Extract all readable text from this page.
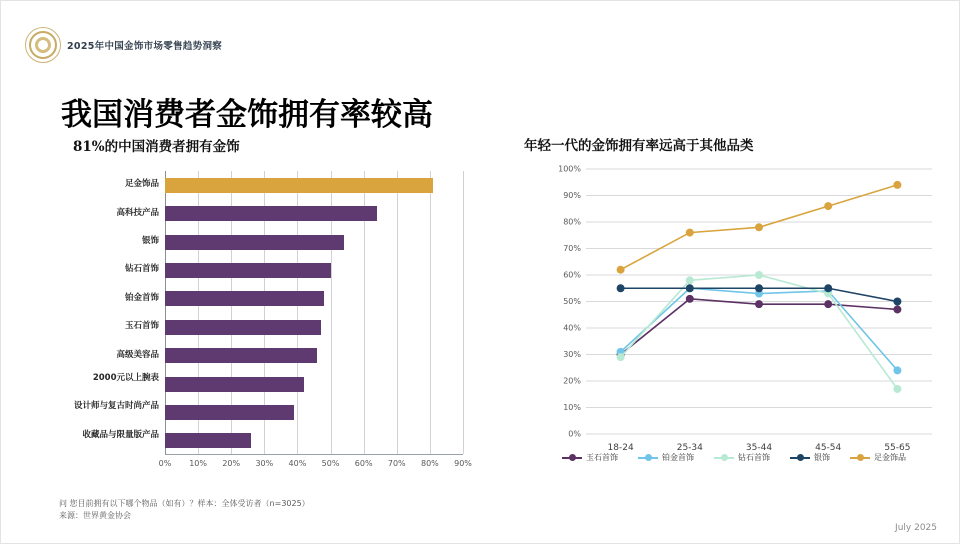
2025年中国金饰市场零售趋势洞察
我国消费者金饰拥有率较高
81%的中国消费者拥有金饰	年轻一代的金饰拥有率远高于其他品类
足金饰品
高科技产品
银饰
钻石首饰
铂金首饰
玉石首饰
高级美容品
2000元以上腕表
设计师与复古时尚产品
收藏品与限量版产品
0% 10% 20% 30% 40% 50% 60% 70% 80% 90%
0%
10%
20%
30%
40%
50%
60%
70%
80%
90%
100%
18-24	25-34	35-44	45-54	55-65
玉石首饰	铂金首饰	钻石首饰	银饰	足金饰品
问 您目前拥有以下哪个物品（如有）？样本：全体受访者（n=3025）
来源：世界黄金协会
July 2025
